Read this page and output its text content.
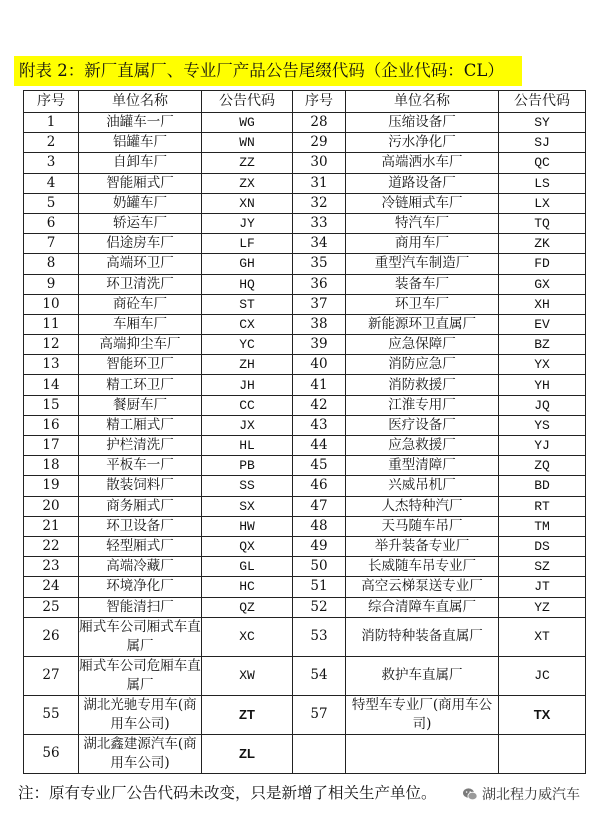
附表 2：新厂直属厂、专业厂产品公告尾缀代码（企业代码：CL）
序号	单位名称	公告代码	序号	单位名称	公告代码
1	油罐车一厂	WG	28	压缩设备厂	SY
2	铝罐车厂	WN	29	污水净化厂	SJ
3	自卸车厂	ZZ	30	高端洒水车厂	QC
4	智能厢式厂	ZX	31	道路设备厂	LS
5	奶罐车厂	XN	32	冷链厢式车厂	LX
6	轿运车厂	JY	33	特汽车厂	TQ
7	侣途房车厂	LF	34	商用车厂	ZK
8	高端环卫厂	GH	35	重型汽车制造厂	FD
9	环卫清洗厂	HQ	36	装备车厂	GX
10	商砼车厂	ST	37	环卫车厂	XH
11	车厢车厂	CX	38	新能源环卫直属厂	EV
12	高端抑尘车厂	YC	39	应急保障厂	BZ
13	智能环卫厂	ZH	40	消防应急厂	YX
14	精工环卫厂	JH	41	消防救援厂	YH
15	餐厨车厂	CC	42	江淮专用厂	JQ
16	精工厢式厂	JX	43	医疗设备厂	YS
17	护栏清洗厂	HL	44	应急救援厂	YJ
18	平板车一厂	PB	45	重型清障厂	ZQ
19	散装饲料厂	SS	46	兴威吊机厂	BD
20	商务厢式厂	SX	47	人杰特种汽厂	RT
21	环卫设备厂	HW	48	天马随车吊厂	TM
22	轻型厢式厂	QX	49	举升装备专业厂	DS
23	高端冷藏厂	GL	50	长威随车吊专业厂	SZ
24	环境净化厂	HC	51	高空云梯泵送专业厂	JT
25	智能清扫厂	QZ	52	综合清障车直属厂	YZ
26	厢式车公司厢式车直属厂	XC	53	消防特种装备直属厂	XT
27	厢式车公司危厢车直属厂	XW	54	救护车直属厂	JC
55	湖北光驰专用车(商用车公司)	ZT	57	特型车专业厂(商用车公司)	TX
56	湖北鑫建源汽车(商用车公司)	ZL			
注：原有专业厂公告代码未改变，只是新增了相关生产单位。	湖北程力威汽车
